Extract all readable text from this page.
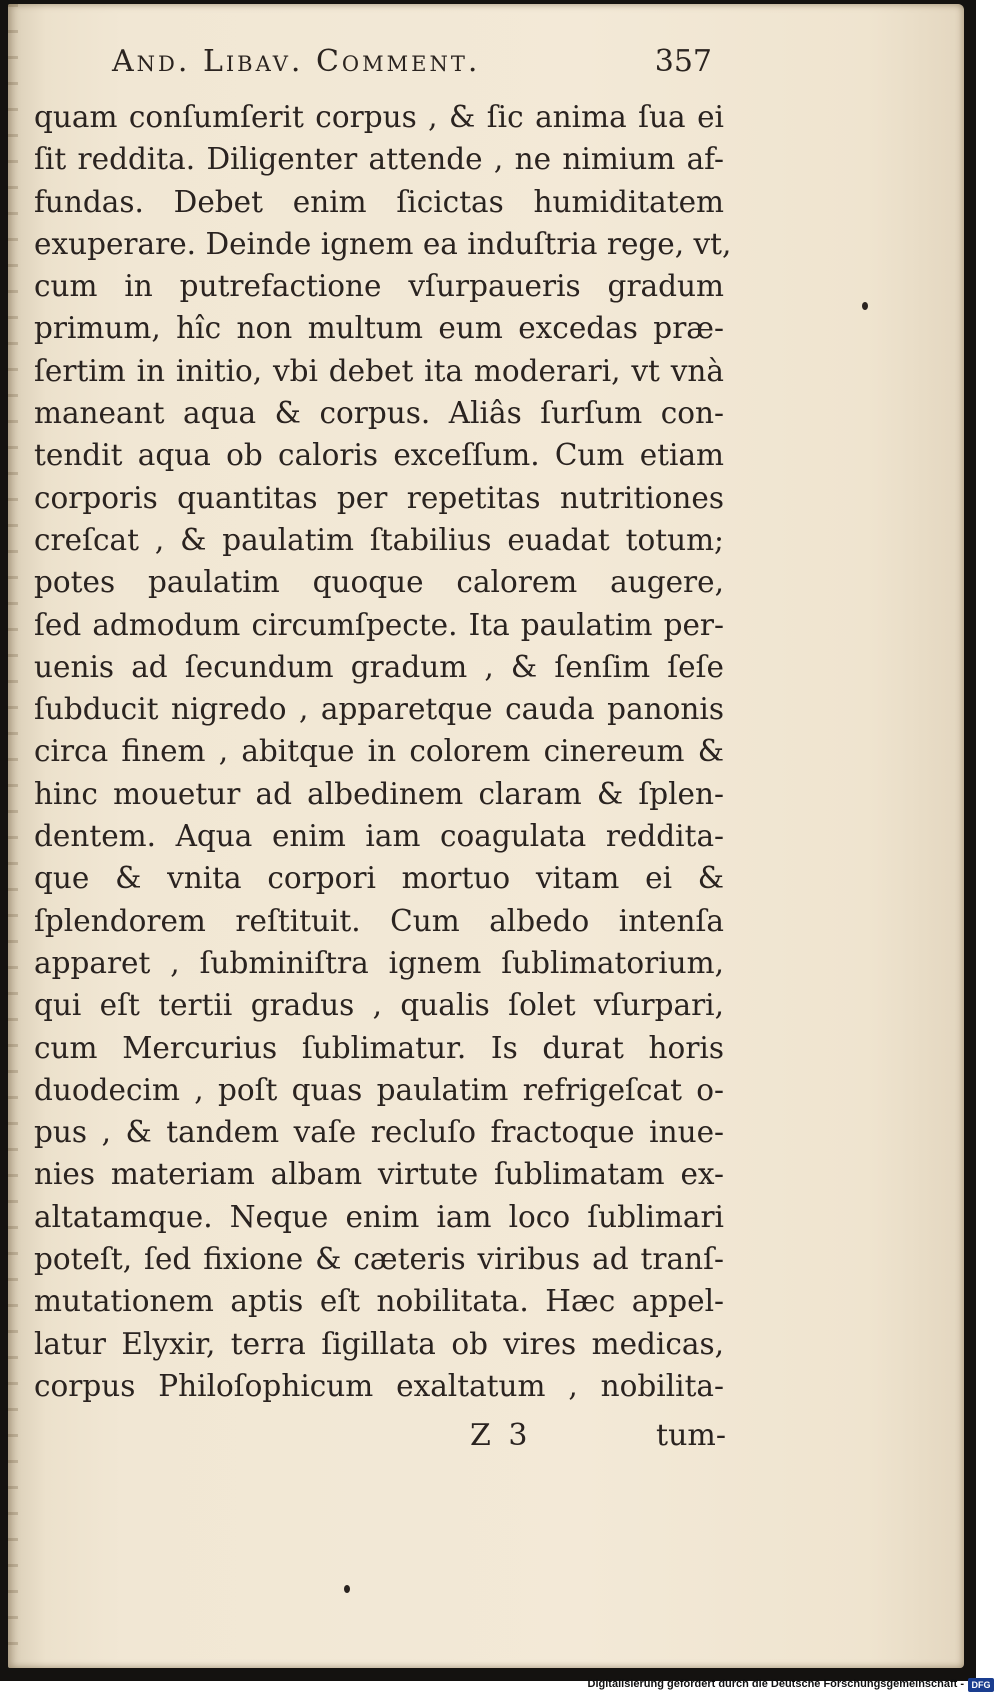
And. Libav. Comment.	357
quam conſumſerit corpus , & ſic anima ſua ei
ſit reddita. Diligenter attende , ne nimium af-
fundas. Debet enim ſicictas humiditatem
exuperare. Deinde ignem ea induſtria rege, vt,
cum in putrefactione vſurpaueris gradum
primum, hîc non multum eum excedas præ-
ſertim in initio, vbi debet ita moderari, vt vnà
maneant aqua & corpus. Aliâs ſurſum con-
tendit aqua ob caloris exceſſum. Cum etiam
corporis quantitas per repetitas nutritiones
creſcat , & paulatim ſtabilius euadat totum;
potes paulatim quoque calorem augere,
ſed admodum circumſpecte. Ita paulatim per-
uenis ad ſecundum gradum , & ſenſim ſeſe
ſubducit nigredo , apparetque cauda panonis
circa finem , abitque in colorem cinereum &
hinc mouetur ad albedinem claram & ſplen-
dentem. Aqua enim iam coagulata reddita-
que & vnita corpori mortuo vitam ei &
ſplendorem reſtituit. Cum albedo intenſa
apparet , ſubminiſtra ignem ſublimatorium,
qui eſt tertii gradus , qualis ſolet vſurpari,
cum Mercurius ſublimatur. Is durat horis
duodecim , poſt quas paulatim refrigeſcat o-
pus , & tandem vaſe recluſo fractoque inue-
nies materiam albam virtute ſublimatam ex-
altatamque. Neque enim iam loco ſublimari
poteſt, ſed fixione & cæteris viribus ad tranſ-
mutationem aptis eſt nobilitata. Hæc appel-
latur Elyxir, terra ſigillata ob vires medicas,
corpus Philoſophicum exaltatum , nobilita-
Z 3	tum-
Digitalisierung gefördert durch die Deutsche Forschungsgemeinschaft - DFG
